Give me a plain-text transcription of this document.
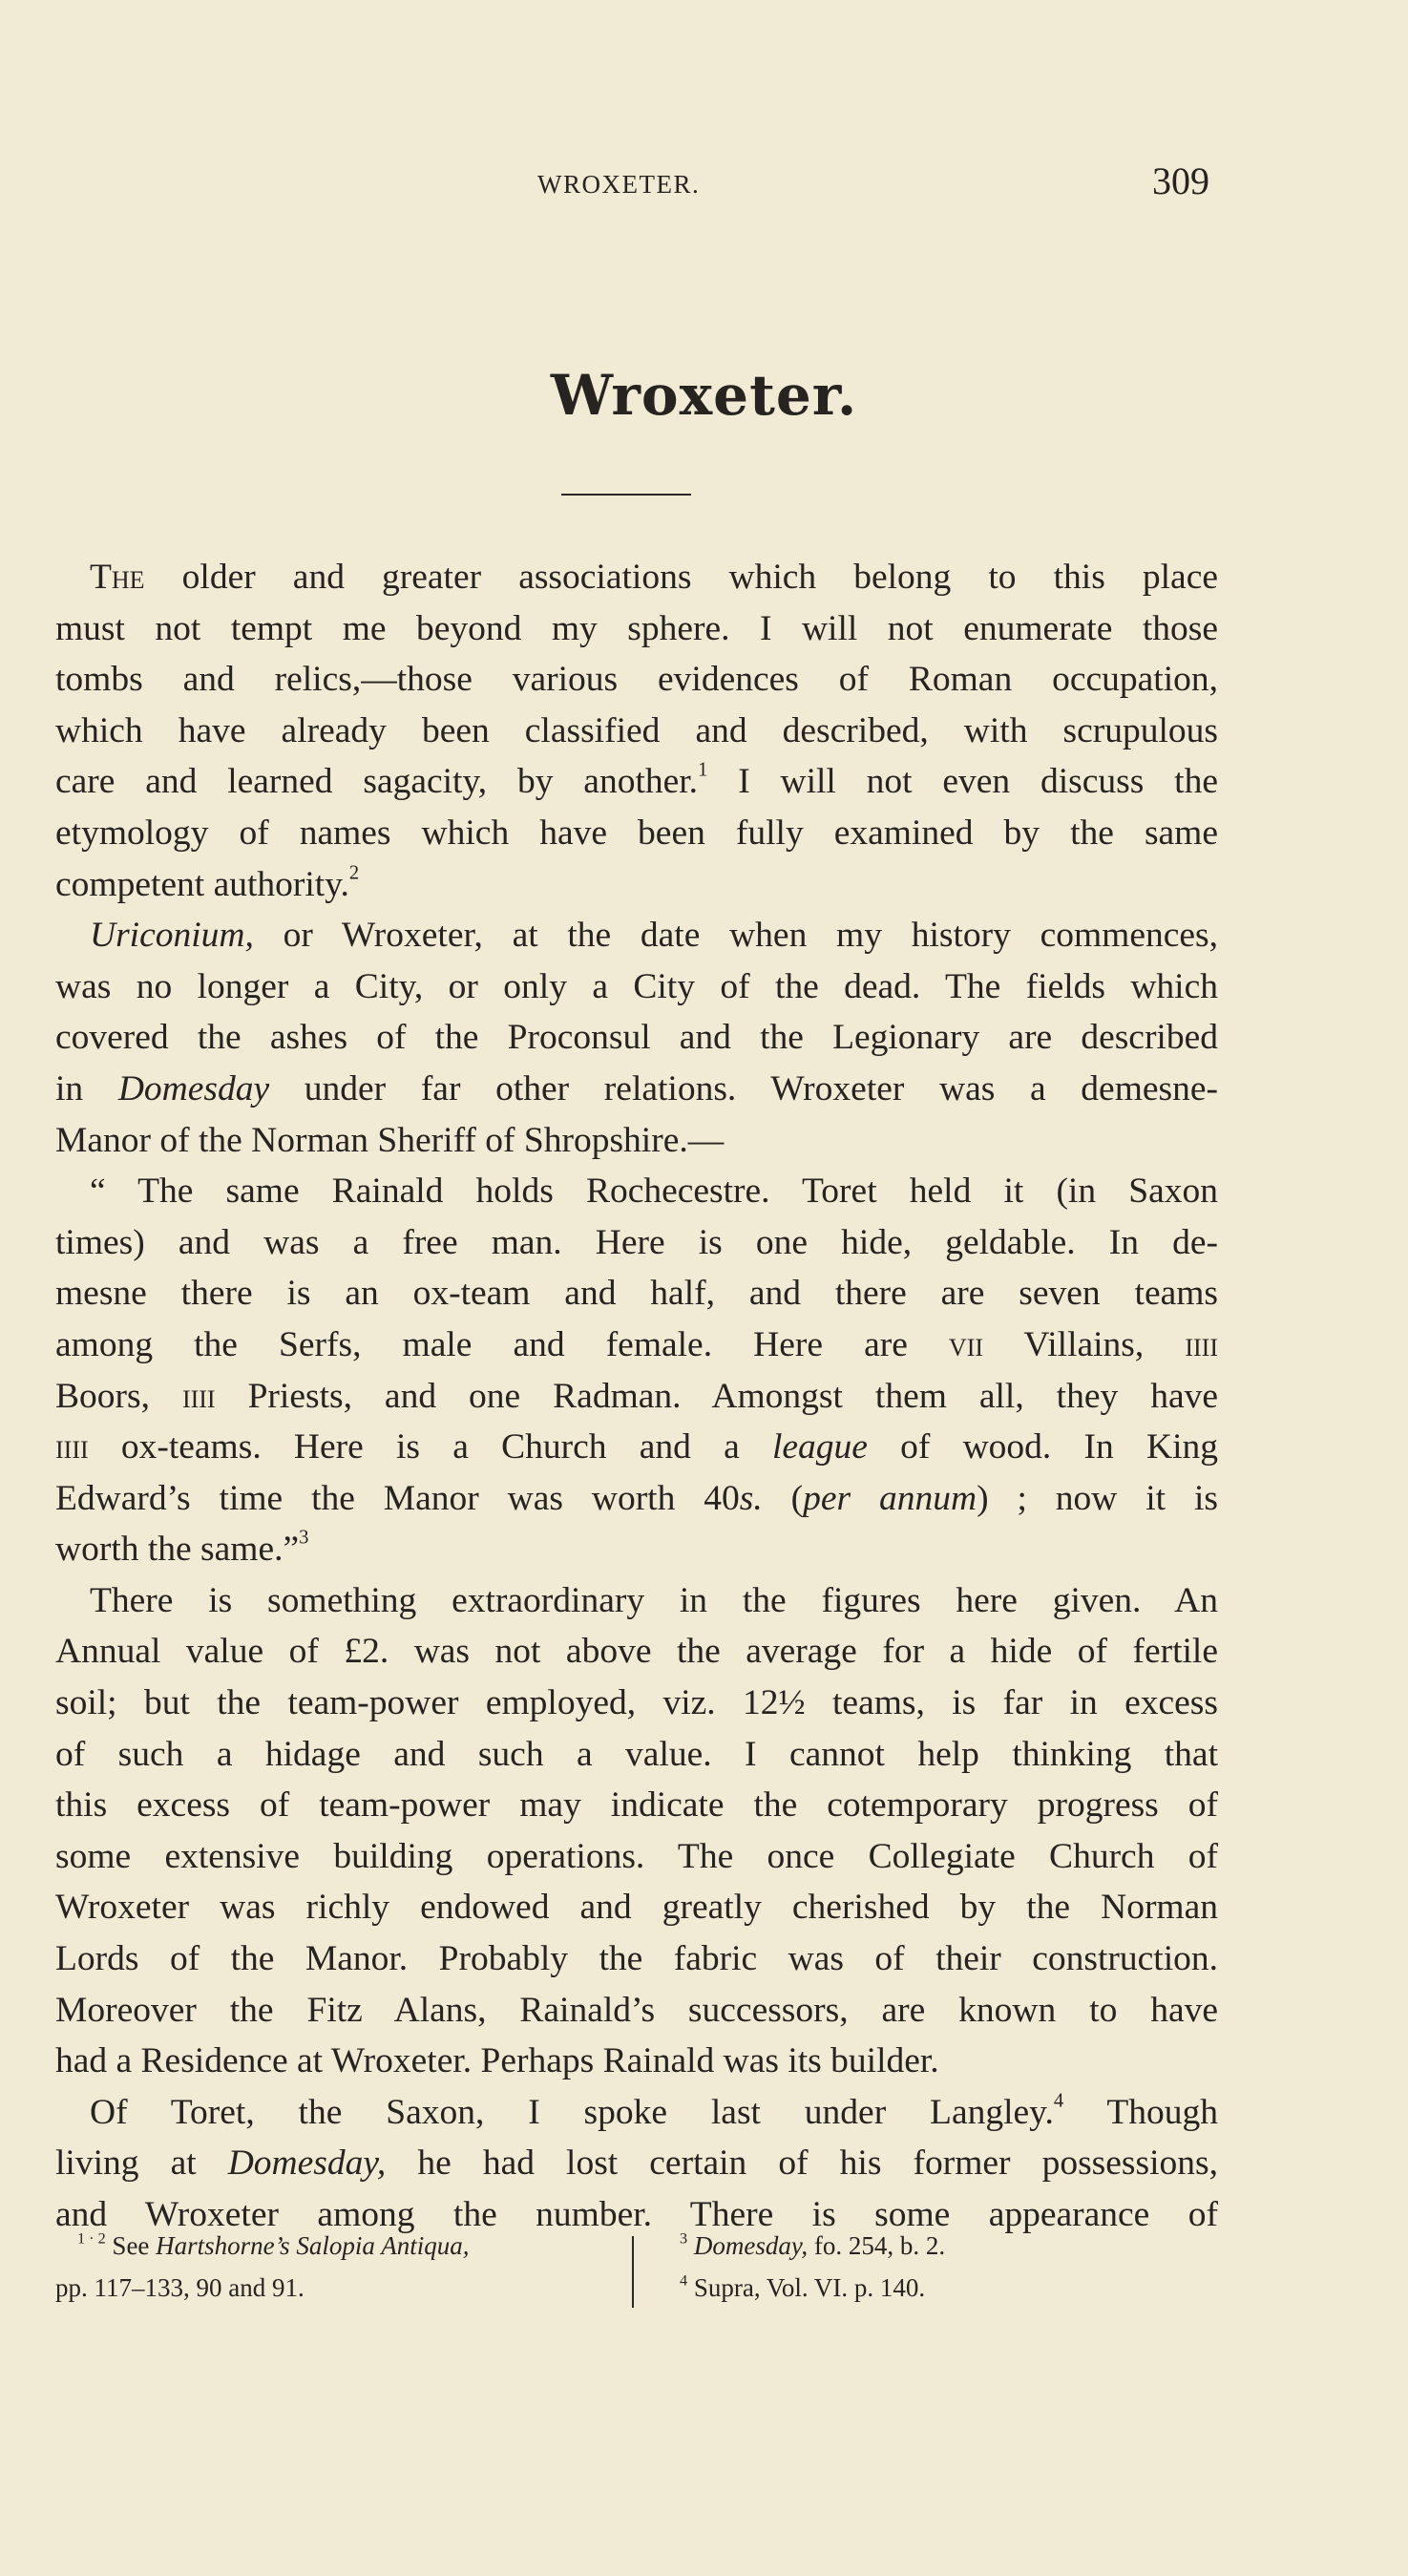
WROXETER.	309
Wroxeter.
The older and greater associations which belong to this place
must not tempt me beyond my sphere. I will not enumerate those
tombs and relics,—those various evidences of Roman occupation,
which have already been classified and described, with scrupulous
care and learned sagacity, by another.$^1$ I will not even discuss the
etymology of names which have been fully examined by the same
competent authority.$^2$
Uriconium, or Wroxeter, at the date when my history commences,
was no longer a City, or only a City of the dead. The fields which
covered the ashes of the Proconsul and the Legionary are described
in Domesday under far other relations. Wroxeter was a demesne-
Manor of the Norman Sheriff of Shropshire.—
“ The same Rainald holds Rochecestre. Toret held it (in Saxon
times) and was a free man. Here is one hide, geldable. In de-
mesne there is an ox-team and half, and there are seven teams
among the Serfs, male and female. Here are vii Villains, iiii
Boors, iiii Priests, and one Radman. Amongst them all, they have
iiii ox-teams. Here is a Church and a league of wood. In King
Edward’s time the Manor was worth 40s. (per annum) ; now it is
worth the same.”$^3$
There is something extraordinary in the figures here given. An
Annual value of £2. was not above the average for a hide of fertile
soil; but the team-power employed, viz. 12½ teams, is far in excess
of such a hidage and such a value. I cannot help thinking that
this excess of team-power may indicate the cotemporary progress of
some extensive building operations. The once Collegiate Church of
Wroxeter was richly endowed and greatly cherished by the Norman
Lords of the Manor. Probably the fabric was of their construction.
Moreover the Fitz Alans, Rainald’s successors, are known to have
had a Residence at Wroxeter. Perhaps Rainald was its builder.
Of Toret, the Saxon, I spoke last under Langley.$^4$ Though
living at Domesday, he had lost certain of his former possessions,
and Wroxeter among the number. There is some appearance of
$^{1 \cdot 2}$ See Hartshorne’s Salopia Antiqua,
pp. 117–133, 90 and 91.
$^3$ Domesday, fo. 254, b. 2.
$^4$ Supra, Vol. VI. p. 140.
